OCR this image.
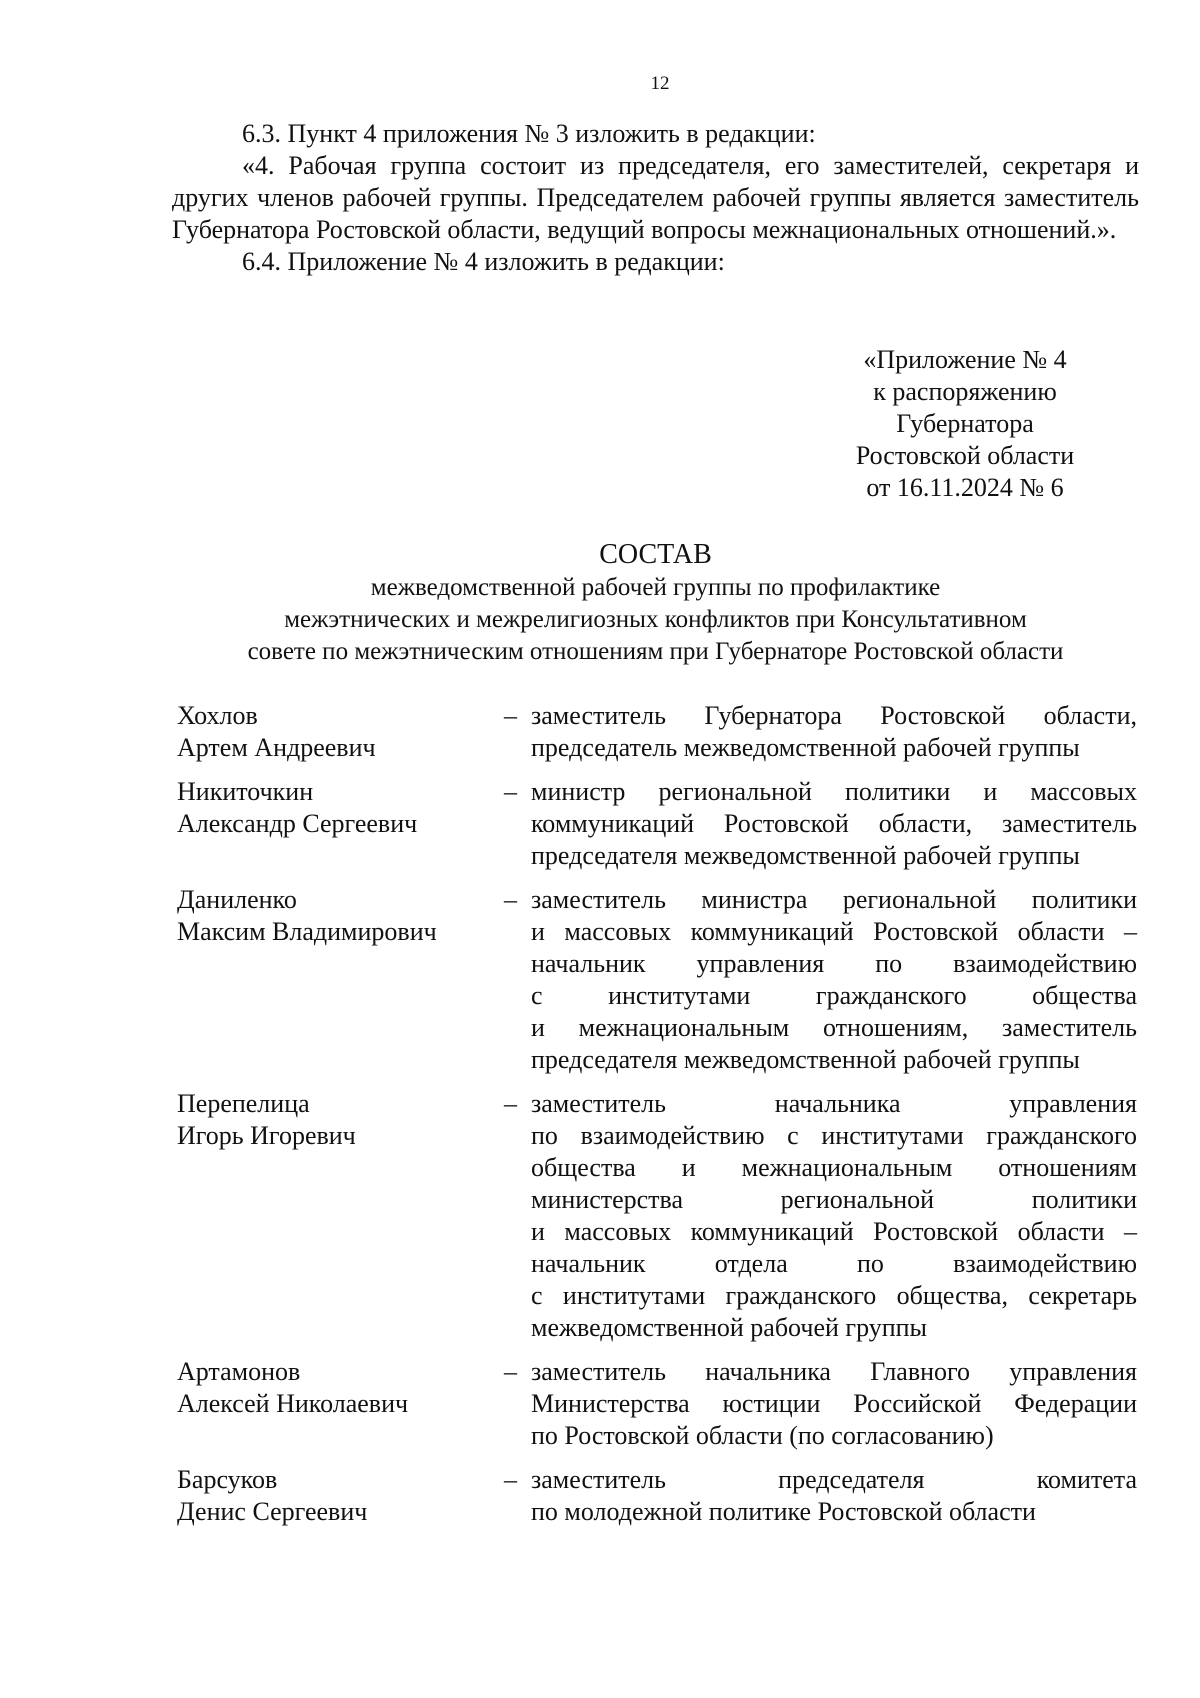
12

6.3. Пункт 4 приложения № 3 изложить в редакции:

«4. Рабочая группа состоит из председателя, его заместителей, секретаря и других членов рабочей группы. Председателем рабочей группы является заместитель Губернатора Ростовской области, ведущий вопросы межнациональных отношений.».

6.4. Приложение № 4 изложить в редакции:

«Приложение № 4
к распоряжению
Губернатора
Ростовской области
от 16.11.2024 № 6
СОСТАВ
межведомственной рабочей группы по профилактике
межэтнических и межрелигиозных конфликтов при Консультативном
совете по межэтническим отношениям при Губернаторе Ростовской области
Хохлов
Артем Андреевич
– заместитель Губернатора Ростовской области,
председатель межведомственной рабочей группы
Никиточкин
Александр Сергеевич
– министр региональной политики и массовых
коммуникаций Ростовской области, заместитель
председателя межведомственной рабочей группы
Даниленко
Максим Владимирович
– заместитель министра региональной политики
и массовых коммуникаций Ростовской области –
начальник управления по взаимодействию
с институтами гражданского общества
и межнациональным отношениям, заместитель
председателя межведомственной рабочей группы
Перепелица
Игорь Игоревич
– заместитель начальника управления
по взаимодействию с институтами гражданского
общества и межнациональным отношениям
министерства региональной политики
и массовых коммуникаций Ростовской области –
начальник отдела по взаимодействию
с институтами гражданского общества, секретарь
межведомственной рабочей группы
Артамонов
Алексей Николаевич
– заместитель начальника Главного управления
Министерства юстиции Российской Федерации
по Ростовской области (по согласованию)
Барсуков
Денис Сергеевич
– заместитель председателя комитета
по молодежной политике Ростовской области
